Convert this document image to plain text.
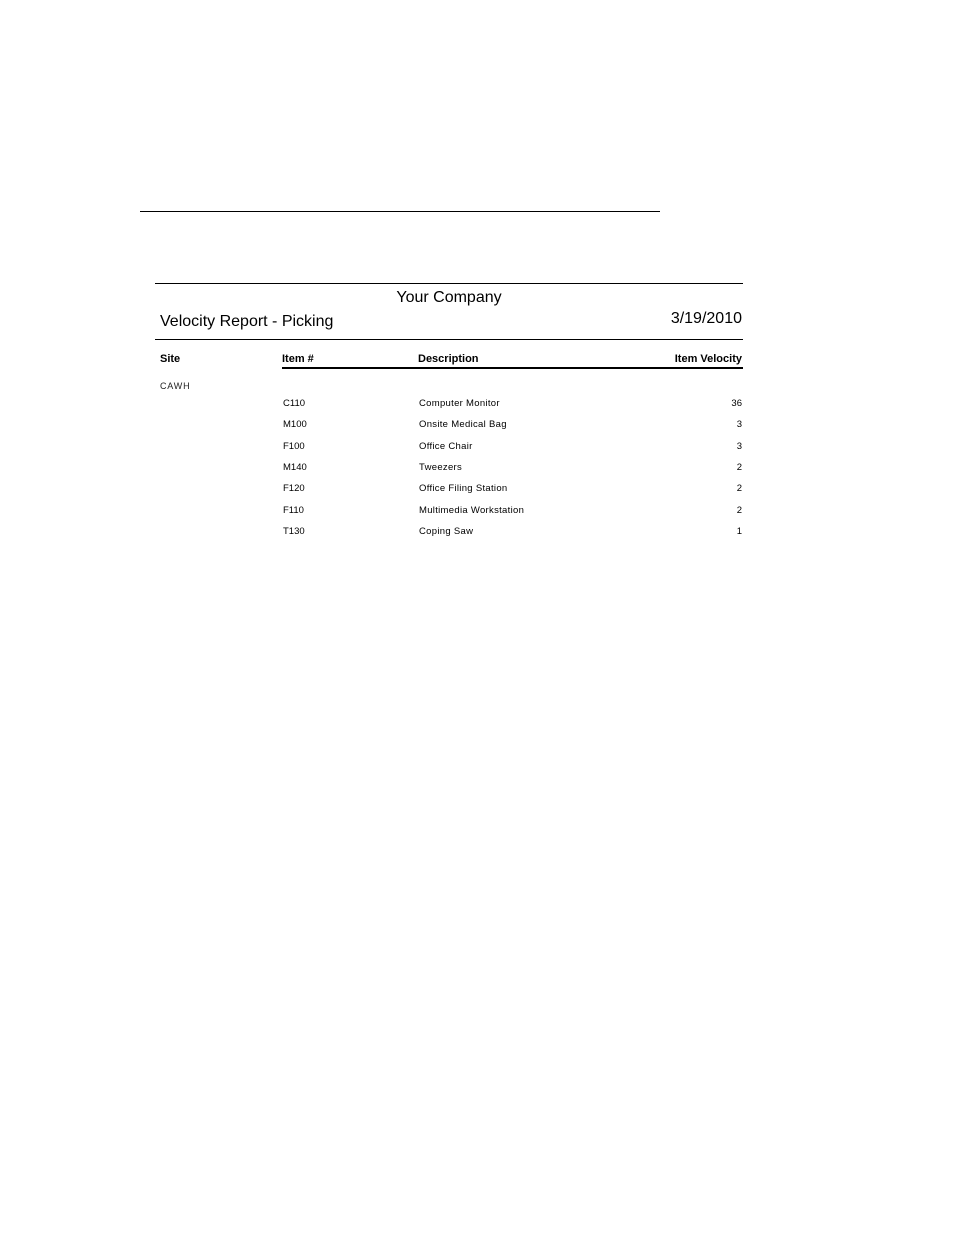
Your Company
Velocity Report - Picking	3/19/2010
Site	Item #	Description	Item Velocity
CAWH
C110	Computer Monitor	36
M100	Onsite Medical Bag	3
F100	Office Chair	3
M140	Tweezers	2
F120	Office Filing Station	2
F110	Multimedia Workstation	2
T130	Coping Saw	1
